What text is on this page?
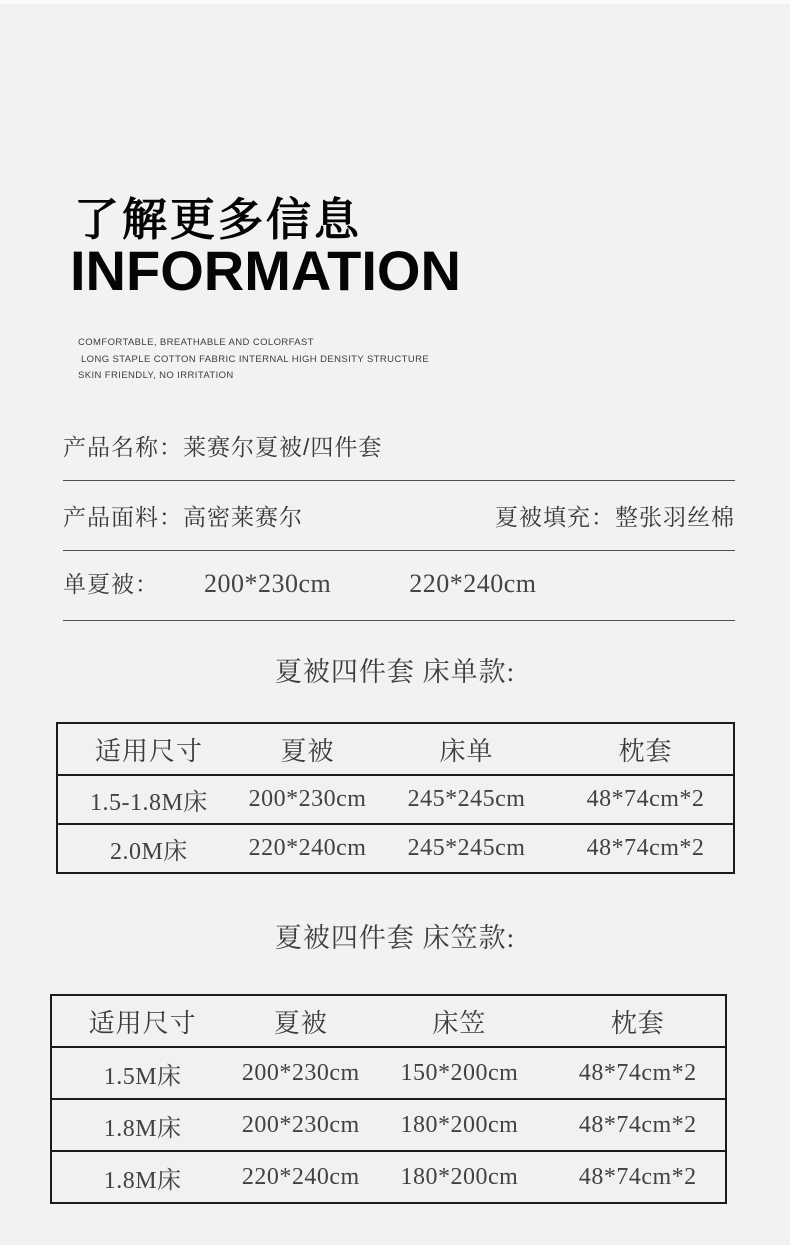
了解更多信息
INFORMATION
COMFORTABLE, BREATHABLE AND COLORFAST
LONG STAPLE COTTON FABRIC INTERNAL HIGH DENSITY STRUCTURE
SKIN FRIENDLY, NO IRRITATION
产品名称：莱赛尔夏被/四件套
产品面料：高密莱赛尔	夏被填充：整张羽丝棉
单夏被： 200*230cm	220*240cm
夏被四件套 床单款:
适用尺寸	夏被	床单	枕套
1.5-1.8M床	200*230cm	245*245cm	48*74cm*2
2.0M床	220*240cm	245*245cm	48*74cm*2
夏被四件套 床笠款:
适用尺寸	夏被	床笠	枕套
1.5M床	200*230cm	150*200cm	48*74cm*2
1.8M床	200*230cm	180*200cm	48*74cm*2
1.8M床	220*240cm	180*200cm	48*74cm*2
